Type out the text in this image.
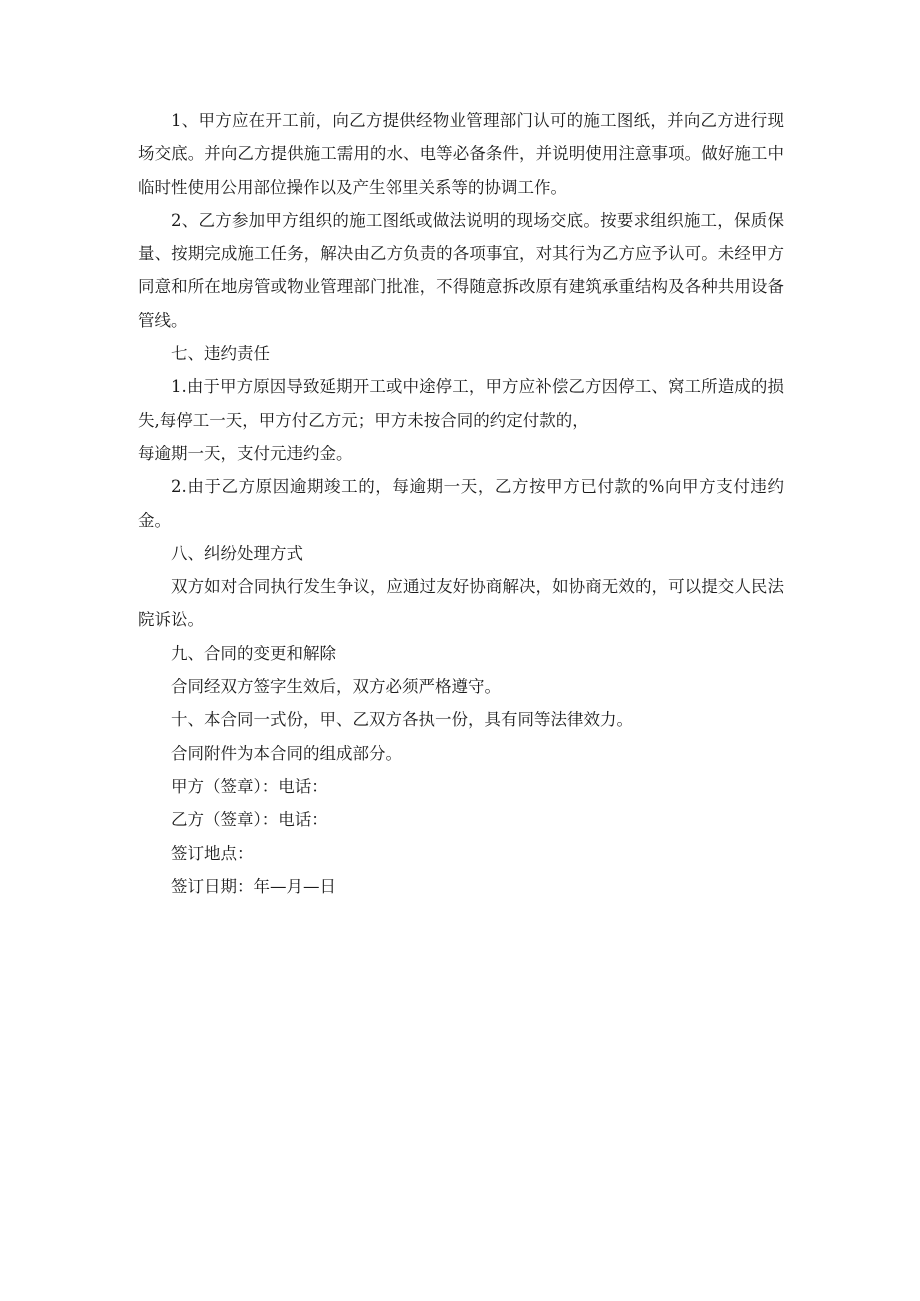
1、甲方应在开工前，向乙方提供经物业管理部门认可的施工图纸，并向乙方进行现场交底。并向乙方提供施工需用的水、电等必备条件，并说明使用注意事项。做好施工中临时性使用公用部位操作以及产生邻里关系等的协调工作。

2、乙方参加甲方组织的施工图纸或做法说明的现场交底。按要求组织施工，保质保量、按期完成施工任务，解决由乙方负责的各项事宜，对其行为乙方应予认可。未经甲方同意和所在地房管或物业管理部门批准，不得随意拆改原有建筑承重结构及各种共用设备管线。

七、违约责任

1.由于甲方原因导致延期开工或中途停工，甲方应补偿乙方因停工、窝工所造成的损失,每停工一天，甲方付乙方元；甲方未按合同的约定付款的，

每逾期一天，支付元违约金。

2.由于乙方原因逾期竣工的，每逾期一天，乙方按甲方已付款的%向甲方支付违约金。

八、纠纷处理方式

双方如对合同执行发生争议，应通过友好协商解决，如协商无效的，可以提交人民法院诉讼。

九、合同的变更和解除

合同经双方签字生效后，双方必须严格遵守。

十、本合同一式份，甲、乙双方各执一份，具有同等法律效力。

合同附件为本合同的组成部分。

甲方（签章）：电话：

乙方（签章）：电话：

签订地点：

签订日期：年—月—日
